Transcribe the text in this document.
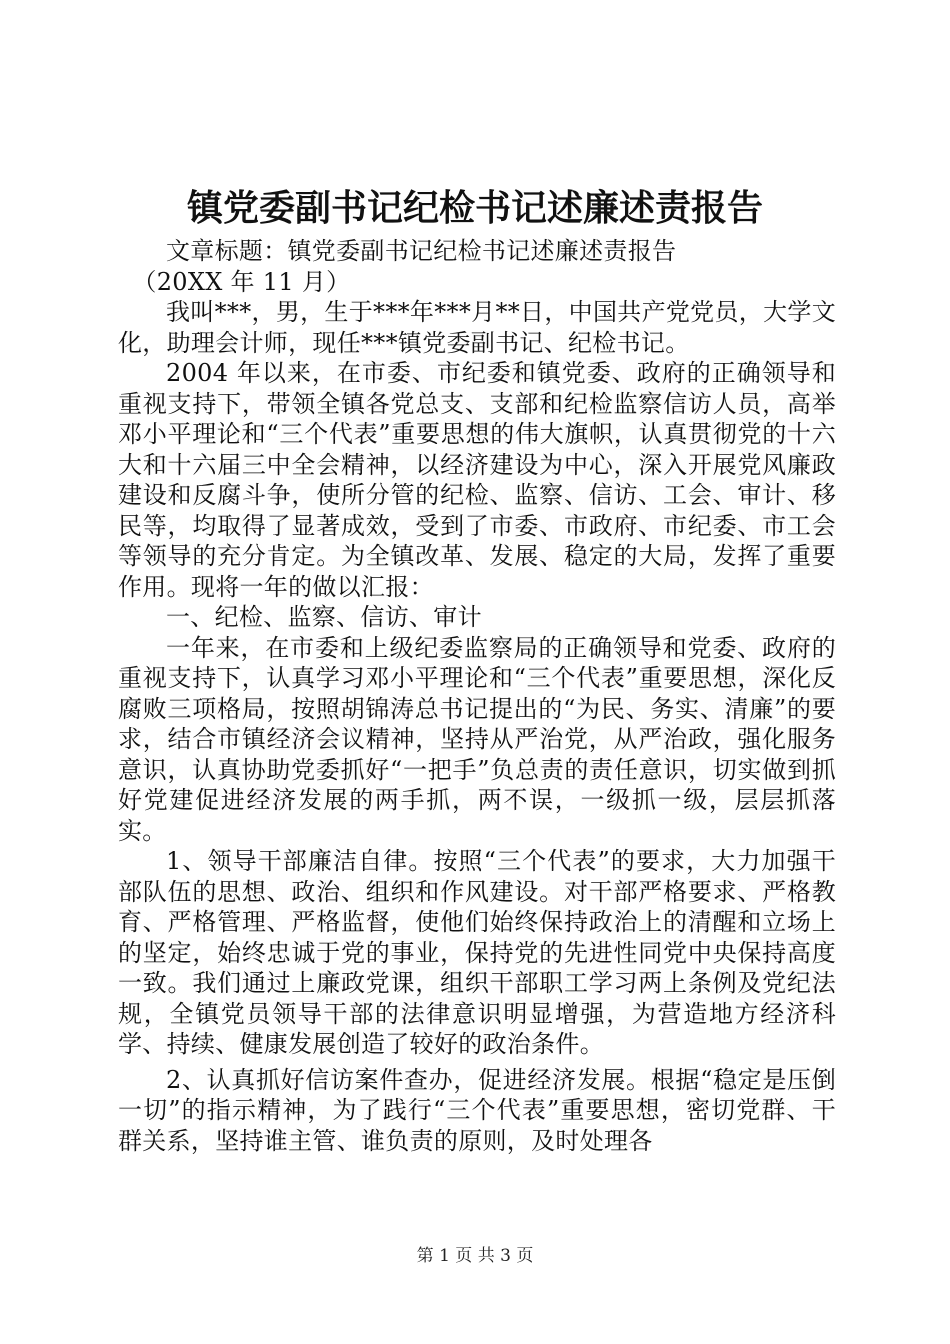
镇党委副书记纪检书记述廉述责报告

文章标题：镇党委副书记纪检书记述廉述责报告

（20XX 年 11 月）

我叫***，男，生于***年***月**日，中国共产党党员，大学文化，助理会计师，现任***镇党委副书记、纪检书记。

2004 年以来，在市委、市纪委和镇党委、政府的正确领导和重视支持下，带领全镇各党总支、支部和纪检监察信访人员，高举邓小平理论和“三个代表”重要思想的伟大旗帜，认真贯彻党的十六大和十六届三中全会精神，以经济建设为中心，深入开展党风廉政建设和反腐斗争，使所分管的纪检、监察、信访、工会、审计、移民等，均取得了显著成效，受到了市委、市政府、市纪委、市工会等领导的充分肯定。为全镇改革、发展、稳定的大局，发挥了重要作用。现将一年的做以汇报：

一、纪检、监察、信访、审计

一年来，在市委和上级纪委监察局的正确领导和党委、政府的重视支持下，认真学习邓小平理论和“三个代表”重要思想，深化反腐败三项格局，按照胡锦涛总书记提出的“为民、务实、清廉”的要求，结合市镇经济会议精神，坚持从严治党，从严治政，强化服务意识，认真协助党委抓好“一把手”负总责的责任意识，切实做到抓好党建促进经济发展的两手抓，两不误，一级抓一级，层层抓落实。

1、领导干部廉洁自律。按照“三个代表”的要求，大力加强干部队伍的思想、政治、组织和作风建设。对干部严格要求、严格教育、严格管理、严格监督，使他们始终保持政治上的清醒和立场上的坚定，始终忠诚于党的事业，保持党的先进性同党中央保持高度一致。我们通过上廉政党课，组织干部职工学习两上条例及党纪法规，全镇党员领导干部的法律意识明显增强，为营造地方经济科学、持续、健康发展创造了较好的政治条件。

2、认真抓好信访案件查办，促进经济发展。根据“稳定是压倒一切”的指示精神，为了践行“三个代表”重要思想，密切党群、干群关系，坚持谁主管、谁负责的原则，及时处理各

第 1 页 共 3 页
